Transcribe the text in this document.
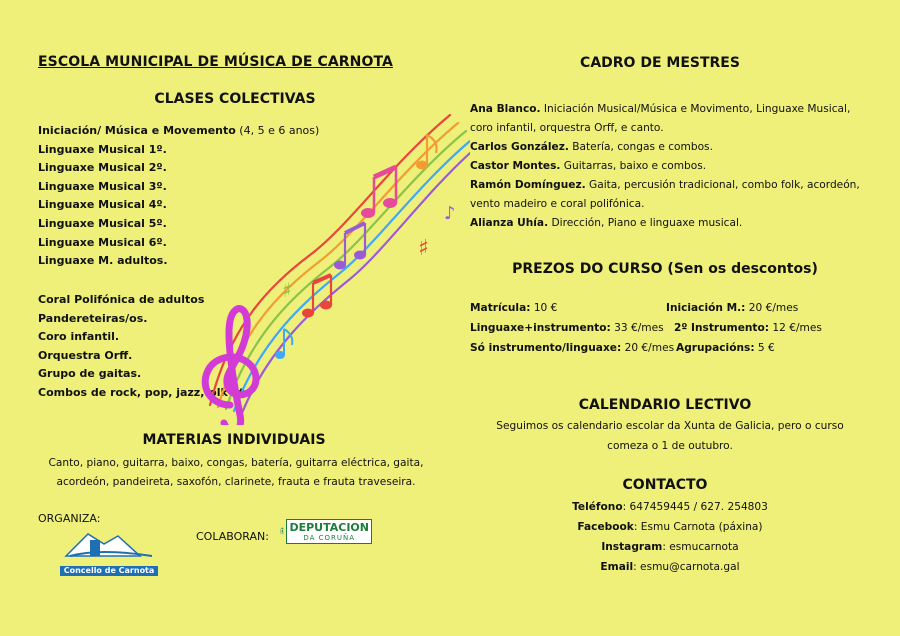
ESCOLA MUNICIPAL DE MÚSICA DE CARNOTA
CLASES COLECTIVAS
Iniciación/ Música e Movemento (4, 5 e 6 anos)
Linguaxe Musical 1º.
Linguaxe Musical 2º.
Linguaxe Musical 3º.
Linguaxe Musical 4º.
Linguaxe Musical 5º.
Linguaxe Musical 6º.
Linguaxe M. adultos.
Coral Polifónica de adultos
Pandereteiras/os.
Coro infantil.
Orquestra Orff.
Grupo de gaitas.
Combos de rock, pop, jazz,folk etc
♯
♯
♪
MATERIAS INDIVIDUAIS
Canto, piano, guitarra, baixo, congas, batería, guitarra eléctrica, gaita,
acordeón, pandeireta, saxofón, clarinete, frauta e frauta traveseira.
ORGANIZA:
Concello de Carnota
COLABORAN:
DEPUTACION
DA CORUÑA
CADRO DE MESTRES
Ana Blanco. Iniciación Musical/Música e Movimento, Linguaxe Musical,
coro infantil, orquestra Orff, e canto.
Carlos González. Batería, congas e combos.
Castor Montes. Guitarras, baixo e combos.
Ramón Domínguez. Gaita, percusión tradicional, combo folk, acordeón,
vento madeiro e coral polifónica.
Alianza Uhía. Dirección, Piano e linguaxe musical.
PREZOS DO CURSO (Sen os descontos)
Matrícula: 10 €	Iniciación M.: 20 €/mes
Linguaxe+instrumento: 33 €/mes 2º Instrumento: 12 €/mes
Só instrumento/linguaxe: 20 €/mes Agrupacións: 5 €
CALENDARIO LECTIVO
Seguimos os calendario escolar da Xunta de Galicia, pero o curso
comeza o 1 de outubro.
CONTACTO
Teléfono: 647459445 / 627. 254803
Facebook: Esmu Carnota (páxina)
Instagram: esmucarnota
Email: esmu@carnota.gal
